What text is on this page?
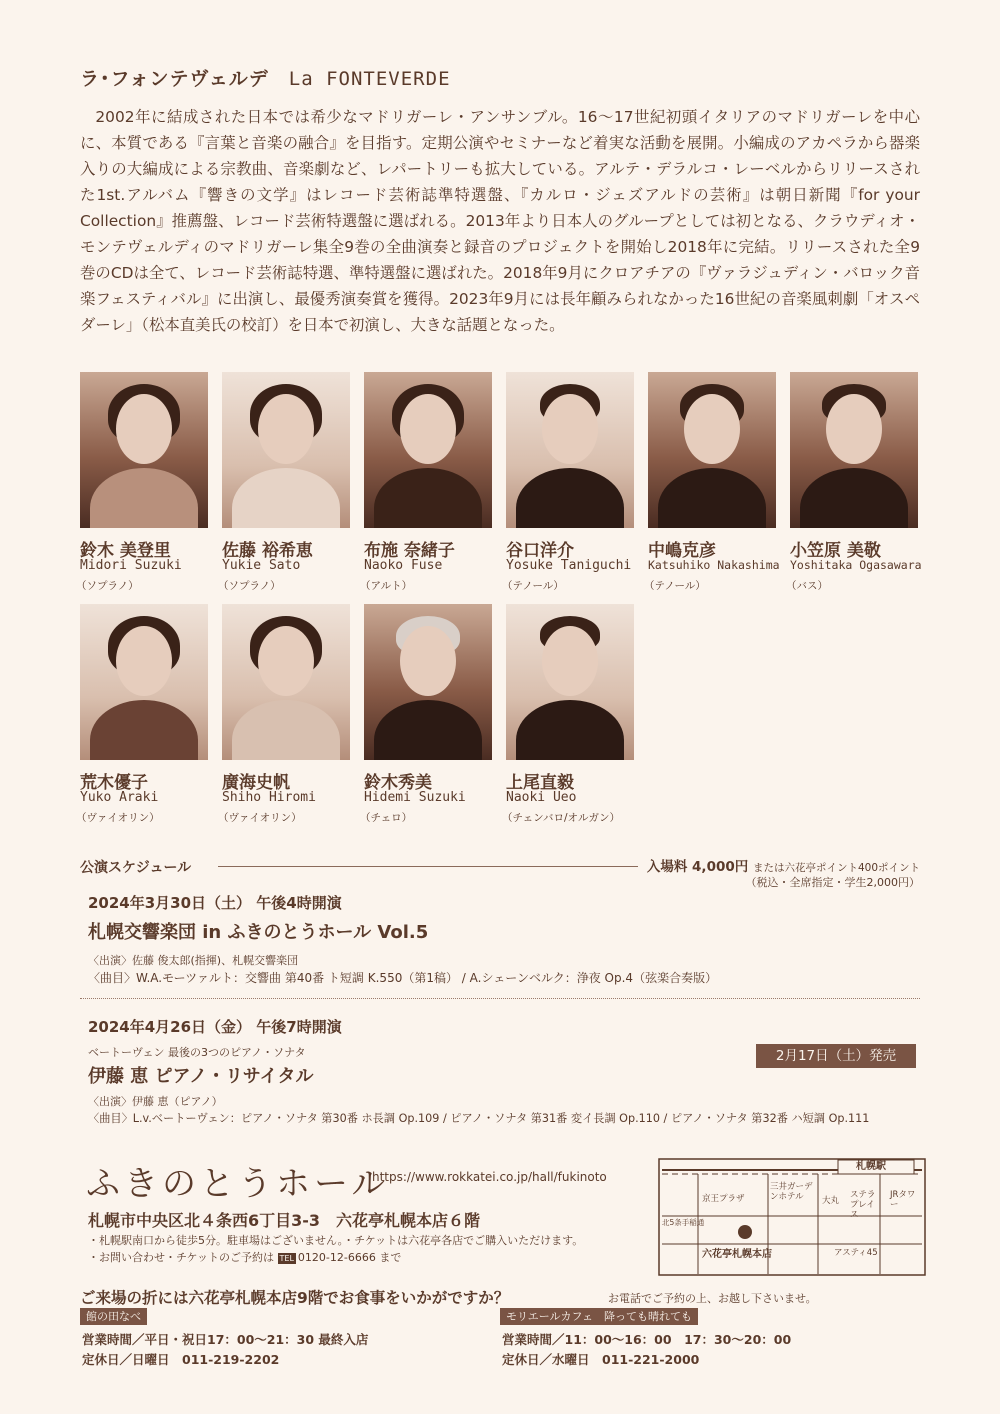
ラ･フォンテヴェルデ La FONTEVERDE

2002年に結成された日本では希少なマドリガーレ・アンサンブル。16～17世紀初頭イタリアのマドリガーレを中心に、本質である『言葉と音楽の融合』を目指す。定期公演やセミナーなど着実な活動を展開。小編成のアカペラから器楽入りの大編成による宗教曲、音楽劇など、レパートリーも拡大している。アルテ・デラルコ・レーベルからリリースされた1st.アルバム『響きの文学』はレコード芸術誌準特選盤、『カルロ・ジェズアルドの芸術』は朝日新聞『for your Collection』推薦盤、レコード芸術特選盤に選ばれる。2013年より日本人のグループとしては初となる、クラウディオ・モンテヴェルディのマドリガーレ集全9巻の全曲演奏と録音のプロジェクトを開始し2018年に完結。リリースされた全9巻のCDは全て、レコード芸術誌特選、準特選盤に選ばれた。2018年9月にクロアチアの『ヴァラジュディン・バロック音楽フェスティバル』に出演し、最優秀演奏賞を獲得。2023年9月には長年顧みられなかった16世紀の音楽風刺劇「オスペダーレ」（松本直美氏の校訂）を日本で初演し、大きな話題となった。

鈴木 美登里
Midori Suzuki
（ソプラノ）
佐藤 裕希恵
Yukie Sato
（ソプラノ）
布施 奈緒子
Naoko Fuse
（アルト）
谷口洋介
Yosuke Taniguchi
（テノール）
中嶋克彦
Katsuhiko Nakashima
（テノール）
小笠原 美敬
Yoshitaka Ogasawara
（バス）
荒木優子
Yuko Araki
（ヴァイオリン）
廣海史帆
Shiho Hiromi
（ヴァイオリン）
鈴木秀美
Hidemi Suzuki
（チェロ）
上尾直毅
Naoki Ueo
（チェンバロ/オルガン）
公演スケジュール	入場料 4,000円 または六花亭ポイント400ポイント
（税込・全席指定・学生2,000円）
2024年3月30日（土） 午後4時開演
札幌交響楽団 in ふきのとうホール Vol.5
〈出演〉佐藤 俊太郎(指揮)、札幌交響楽団
〈曲目〉W.A.モーツァルト：交響曲 第40番 ト短調 K.550（第1稿） / A.シェーンベルク：浄夜 Op.4（弦楽合奏版）
2024年4月26日（金） 午後7時開演
ベートーヴェン 最後の3つのピアノ・ソナタ
伊藤 恵 ピアノ・リサイタル
〈出演〉伊藤 恵（ピアノ）
〈曲目〉L.v.ベートーヴェン：ピアノ・ソナタ 第30番 ホ長調 Op.109 / ピアノ・ソナタ 第31番 変イ長調 Op.110 / ピアノ・ソナタ 第32番 ハ短調 Op.111
2月17日（土）発売
ふきのとうホール
https://www.rokkatei.co.jp/hall/fukinoto
札幌市中央区北４条西6丁目3-3　六花亭札幌本店６階
・札幌駅南口から徒歩5分。駐車場はございません。・チケットは六花亭各店でご購入いただけます。
・お問い合わせ・チケットのご予約は TEL 0120-12-6666 まで
札幌駅
京王プラザ
三井ガーデンホテル	大丸
ステラプレイス
JRタワー
北5条手稲通
アスティ45
六花亭札幌本店
ご来場の折には六花亭札幌本店9階でお食事をいかがですか？	お電話でご予約の上、お越し下さいませ。
館の田なべ
営業時間／平日・祝日17：00～21：30 最終入店
定休日／日曜日　011-219-2202
モリエールカフェ　降っても晴れても
営業時間／11：00～16：00　17：30～20：00
定休日／水曜日　011-221-2000
